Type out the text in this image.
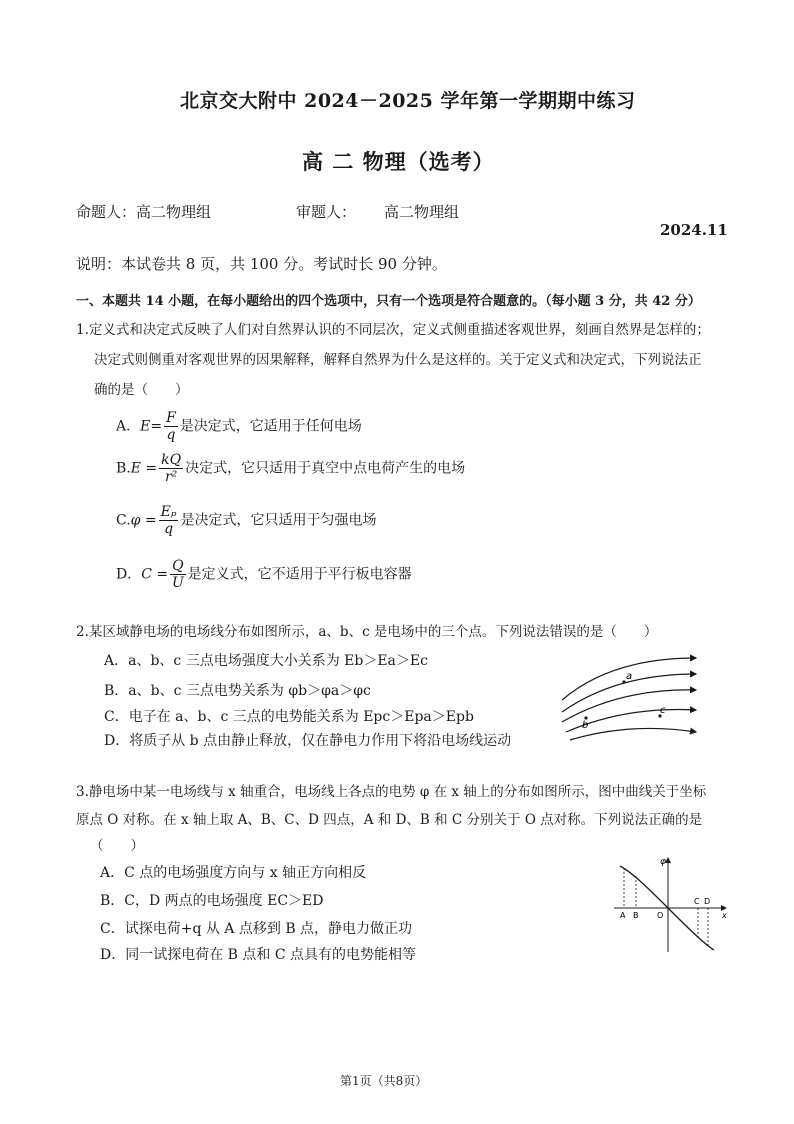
北京交大附中 2024－2025 学年第一学期期中练习
高 二 物理（选考）
命题人：高二物理组	审题人： 高二物理组
2024.11
说明：本试卷共 8 页，共 100 分。考试时长 90 分钟。
一、本题共 14 小题，在每小题给出的四个选项中，只有一个选项是符合题意的。（每小题 3 分，共 42 分）
1.定义式和决定式反映了人们对自然界认识的不同层次，定义式侧重描述客观世界，刻画自然界是怎样的；
决定式则侧重对客观世界的因果解释，解释自然界为什么是这样的。关于定义式和决定式，下列说法正
确的是（　　）
A．$E= \frac{F}{q}$ 是决定式，它适用于任何电场
$B.E = \frac{kQ}{\text{r²}}$ 决定式，它只适用于真空中点电荷产生的电场
$C.\varphi = \frac{\text{Eₚ}}{q}$ 是决定式，它只适用于匀强电场
D．$C = \frac{Q}{U}$ 是定义式，它不适用于平行板电容器
2.某区域静电场的电场线分布如图所示，a、b、c 是电场中的三个点。下列说法错误的是（　　）
A．a、b、c 三点电场强度大小关系为 Eb＞Ea＞Ec
B．a、b、c 三点电势关系为 φb＞φa＞φc
C．电子在 a、b、c 三点的电势能关系为 Epc＞Epa＞Epb
D．将质子从 b 点由静止释放，仅在静电力作用下将沿电场线运动
a
b
c
3.静电场中某一电场线与 x 轴重合，电场线上各点的电势 φ 在 x 轴上的分布如图所示，图中曲线关于坐标
原点 O 对称。在 x 轴上取 A、B、C、D 四点，A 和 D、B 和 C 分别关于 O 点对称。下列说法正确的是
（　　）
A．C 点的电场强度方向与 x 轴正方向相反
B．C，D 两点的电场强度 EC＞ED
C．试探电荷+q 从 A 点移到 B 点，静电力做正功
D．同一试探电荷在 B 点和 C 点具有的电势能相等
φ
A B O
C D
x
第1页（共8页）
